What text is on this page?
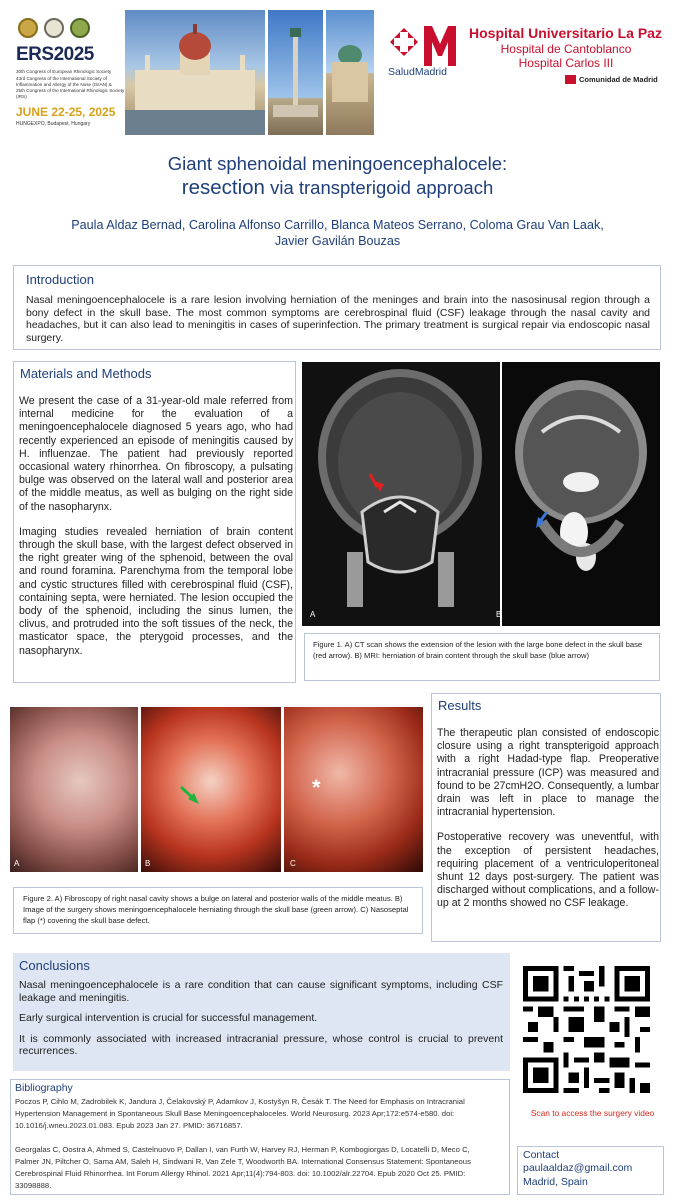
ERS2025
30th Congress of European Rhinologic Society
43rd Congress of the International Society of Inflammation and Allergy of the Nose (ISIAN) &
25th Congress of the International Rhinologic Society (IRS)
JUNE 22-25, 2025
HUNGEXPO, Budapest, Hungary
SaludMadrid
Hospital Universitario La Paz
Hospital de Cantoblanco
Hospital Carlos III
Comunidad de Madrid
Giant sphenoidal meningoencephalocele:
resection via transpterigoid approach
Paula Aldaz Bernad, Carolina Alfonso Carrillo, Blanca Mateos Serrano, Coloma Grau Van Laak,
Javier Gavilán Bouzas
Introduction
Nasal meningoencephalocele is a rare lesion involving herniation of the meninges and brain into the nasosinusal region through a bony defect in the skull base. The most common symptoms are cerebrospinal fluid (CSF) leakage through the nasal cavity and headaches, but it can also lead to meningitis in cases of superinfection. The primary treatment is surgical repair via endoscopic nasal surgery.
Materials and Methods

We present the case of a 31-year-old male referred from internal medicine for the evaluation of a meningoencephalocele diagnosed 5 years ago, who had recently experienced an episode of meningitis caused by H. influenzae. The patient had previously reported occasional watery rhinorrhea. On fibroscopy, a pulsating bulge was observed on the lateral wall and posterior area of the middle meatus, as well as bulging on the right side of the nasopharynx.

Imaging studies revealed herniation of brain content through the skull base, with the largest defect observed in the right greater wing of the sphenoid, between the oval and round foramina. Parenchyma from the temporal lobe and cystic structures filled with cerebrospinal fluid (CSF), containing septa, were herniated. The lesion occupied the body of the sphenoid, including the sinus lumen, the clivus, and protruded into the soft tissues of the neck, the masticator space, the pterygoid processes, and the nasopharynx.

A	B
Figure 1. A) CT scan shows the extension of the lesion with the large bone defect in the skull base (red arrow). B) MRI: herniation of brain content through the skull base (blue arrow)
A	B
*
C
Figure 2. A) Fibroscopy of right nasal cavity shows a bulge on lateral and posterior walls of the middle meatus. B) Image of the surgery shows meningoencephalocele herniating through the skull base (green arrow). C) Nasoseptal flap (*) covering the skull base defect.
Results

The therapeutic plan consisted of endoscopic closure using a right transpterigoid approach with a right Hadad-type flap. Preoperative intracranial pressure (ICP) was measured and found to be 27cmH2O. Consequently, a lumbar drain was left in place to manage the intracranial hypertension.

Postoperative recovery was uneventful, with the exception of persistent headaches, requiring placement of a ventriculoperitoneal shunt 12 days post-surgery. The patient was discharged without complications, and a follow-up at 2 months showed no CSF leakage.

Conclusions

Nasal meningoencephalocele is a rare condition that can cause significant symptoms, including CSF leakage and meningitis.

Early surgical intervention is crucial for successful management.

It is commonly associated with increased intracranial pressure, whose control is crucial to prevent recurrences.

Scan to access the surgery video
Bibliography
Poczos P, Cihlo M, Zadrobilek K, Jandura J, Čelakovský P, Adamkov J, Kostyšyn R, Česák T. The Need for Emphasis on Intracranial Hypertension Management in Spontaneous Skull Base Meningoencephaloceles. World Neurosurg. 2023 Apr;172:e574-e580. doi: 10.1016/j.wneu.2023.01.083. Epub 2023 Jan 27. PMID: 36716857.
Georgalas C, Oostra A, Ahmed S, Castelnuovo P, Dallan I, van Furth W, Harvey RJ, Herman P, Kombogiorgas D, Locatelli D, Meco C, Palmer JN, Piltcher O, Sama AM, Saleh H, Sindwani R, Van Zele T, Woodworth BA. International Consensus Statement: Spontaneous Cerebrospinal Fluid Rhinorrhea. Int Forum Allergy Rhinol. 2021 Apr;11(4):794-803. doi: 10.1002/alr.22704. Epub 2020 Oct 25. PMID: 33098888.
Contact
paulaaldaz@gmail.com
Madrid, Spain
